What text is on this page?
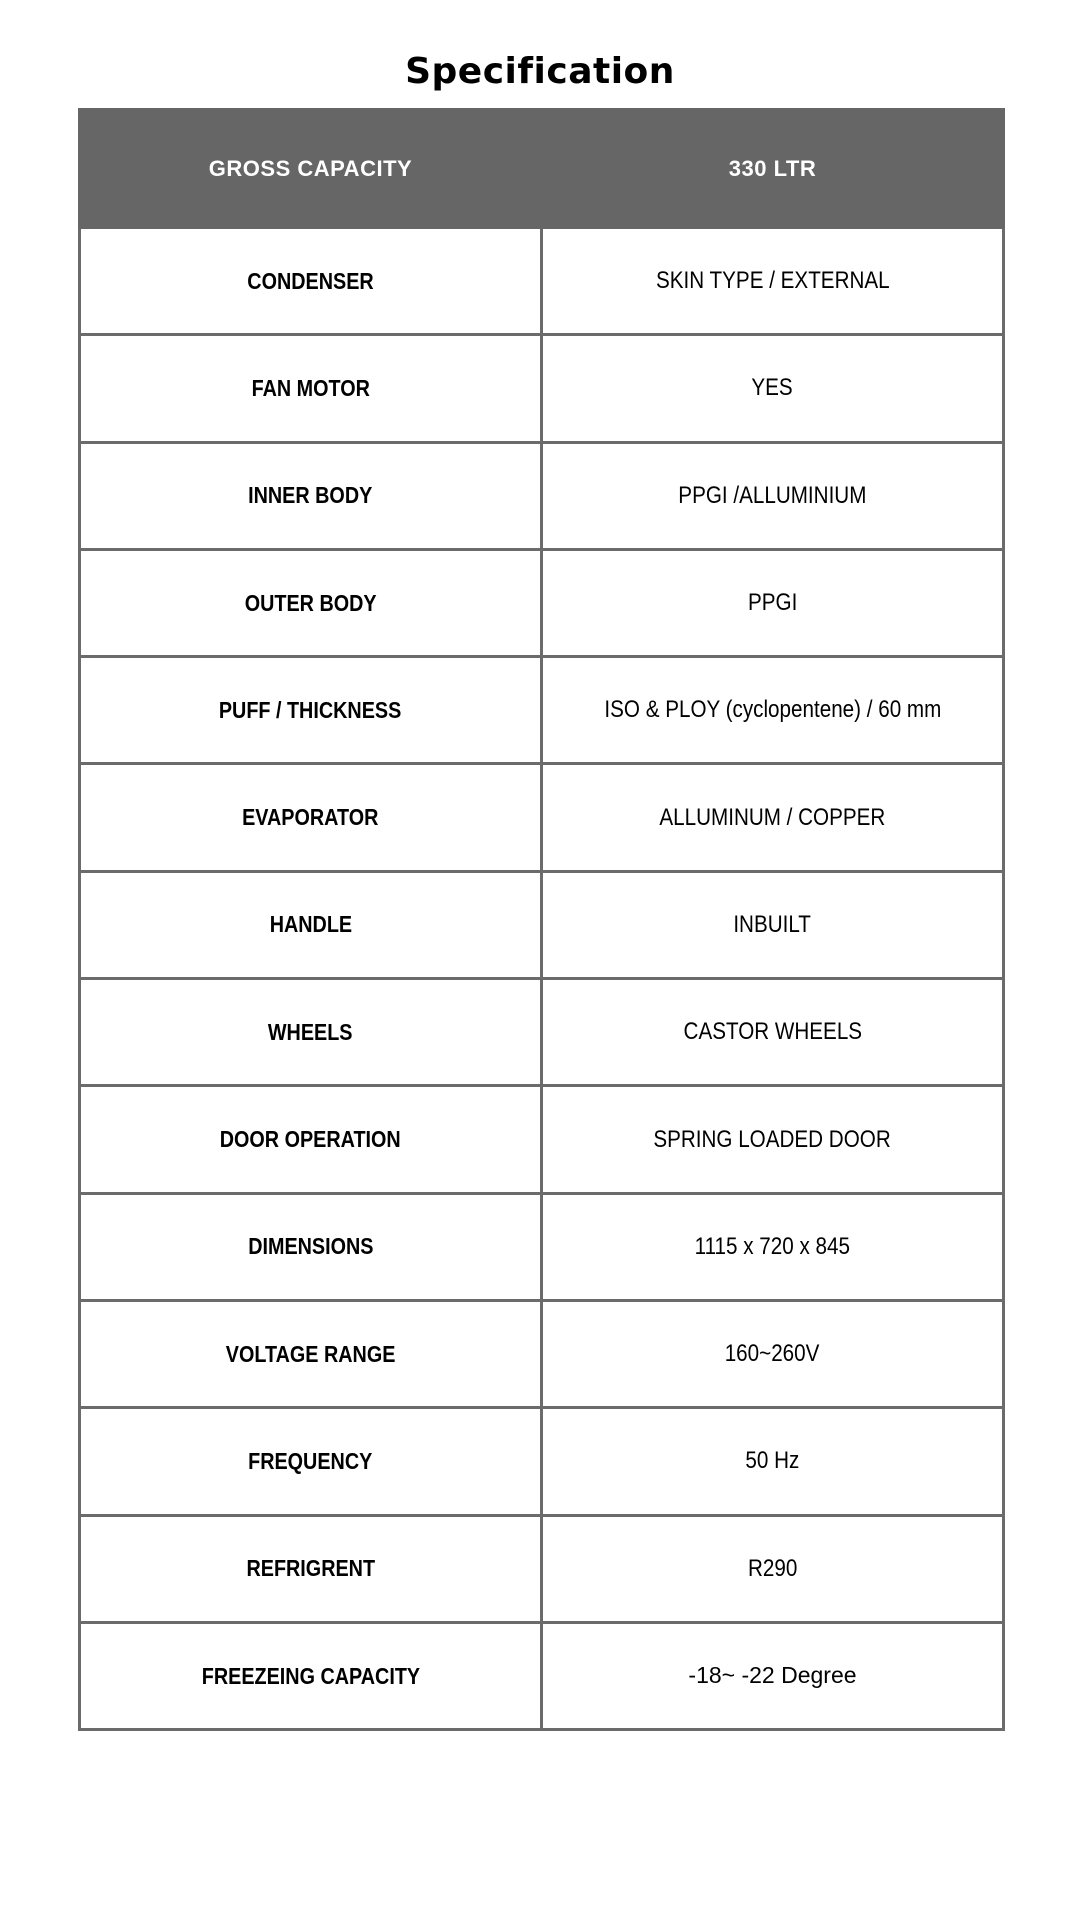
Specification
GROSS CAPACITY	330 LTR
CONDENSER	SKIN TYPE / EXTERNAL
FAN MOTOR	YES
INNER BODY	PPGI /ALLUMINIUM
OUTER BODY	PPGI
PUFF / THICKNESS	ISO & PLOY (cyclopentene) / 60 mm
EVAPORATOR	ALLUMINUM / COPPER
HANDLE	INBUILT
WHEELS	CASTOR WHEELS
DOOR OPERATION	SPRING LOADED DOOR
DIMENSIONS	1115 x 720 x 845
VOLTAGE RANGE	160~260V
FREQUENCY	50 Hz
REFRIGRENT	R290
FREEZEING CAPACITY	-18~ -22 Degree
